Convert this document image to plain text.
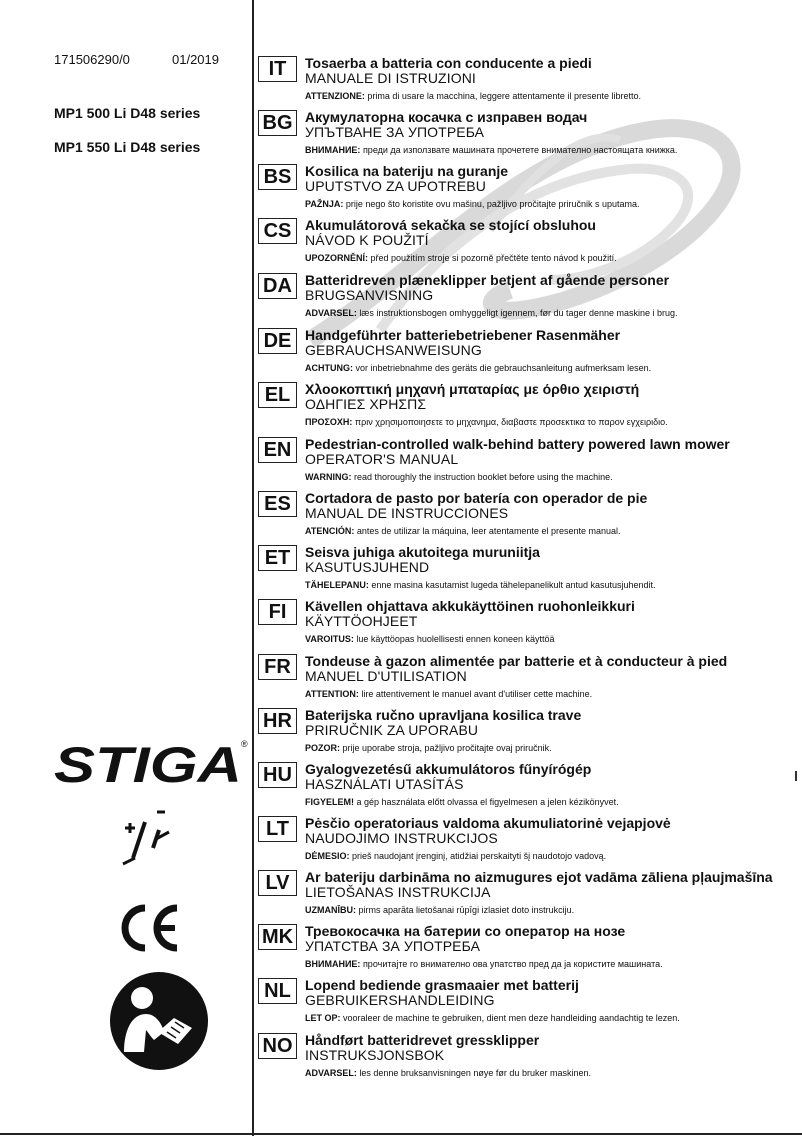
171506290/0	01/2019
MP1 500 Li D48 series
MP1 550 Li D48 series
STIGA ®
IT	Tosaerba a batteria con conducente a piedi
MANUALE DI ISTRUZIONI
ATTENZIONE: prima di usare la macchina, leggere attentamente il presente libretto.
BG Акумулаторна косачка с изправен водач
УПЪТВАНЕ ЗА УПОТРЕБА
ВНИМАНИЕ: преди да използвате машината прочетете внимателно настоящата книжка.
BS Kosilica na bateriju na guranje
UPUTSTVO ZA UPOTREBU
PAŽNJA: prije nego što koristite ovu mašinu, pažljivo pročitajte priručnik s uputama.
CS Akumulátorová sekačka se stojící obsluhou
NÁVOD K POUŽITÍ
UPOZORNĚNÍ: před použitím stroje si pozorně přečtěte tento návod k použití.
DA Batteridreven plæneklipper betjent af gående personer
BRUGSANVISNING
ADVARSEL: læs instruktionsbogen omhyggeligt igennem, før du tager denne maskine i brug.
DE Handgeführter batteriebetriebener Rasenmäher
GEBRAUCHSANWEISUNG
ACHTUNG: vor inbetriebnahme des geräts die gebrauchsanleitung aufmerksam lesen.
EL	Χλοοκοπτική μηχανή μπαταρίας με όρθιο χειριστή
ΟΔΗΓΙΕΣ ΧΡΗΣΠΣ
ΠΡΟΣΟΧΗ: πριν χρησιμοποιησετε το μηχανημα, διαβαστε προσεκτικα το παρον εγχειριδιο.
EN Pedestrian-controlled walk-behind battery powered lawn mower
OPERATOR'S MANUAL
WARNING: read thoroughly the instruction booklet before using the machine.
ES	Cortadora de pasto por batería con operador de pie
MANUAL DE INSTRUCCIONES
ATENCIÓN: antes de utilizar la máquina, leer atentamente el presente manual.
ET	Seisva juhiga akutoitega muruniitja
KASUTUSJUHEND
TÄHELEPANU: enne masina kasutamist lugeda tähelepanelikult antud kasutusjuhendit.
FI	Kävellen ohjattava akkukäyttöinen ruohonleikkuri
KÄYTTÖOHJEET
VAROITUS: lue käyttöopas huolellisesti ennen koneen käyttöä
FR	Tondeuse à gazon alimentée par batterie et à conducteur à pied
MANUEL D'UTILISATION
ATTENTION: lire attentivement le manuel avant d'utiliser cette machine.
HR Baterijska ručno upravljana kosilica trave
PRIRUČNIK ZA UPORABU
POZOR: prije uporabe stroja, pažljivo pročitajte ovaj priručnik.
HU Gyalogvezetésű akkumulátoros fűnyírógép
HASZNÁLATI UTASÍTÁS
FIGYELEM! a gép használata előtt olvassa el figyelmesen a jelen kézikönyvet.
LT	Pėsčio operatoriaus valdoma akumuliatorinė vejapjovė
NAUDOJIMO INSTRUKCIJOS
DĖMESIO: prieš naudojant įrenginį, atidžiai perskaityti šį naudotojo vadovą.
LV	Ar bateriju darbināma no aizmugures ejot vadāma zāliena pļaujmašīna
LIETOŠANAS INSTRUKCIJA
UZMANĪBU: pirms aparāta lietošanai rūpīgi izlasiet doto instrukciju.
MK Тревокосачка на батерии со оператор на нозе
УПАТСТВА ЗА УПОТРЕБА
ВНИМАНИЕ: прочитајте го внимателно ова упатство пред да ја користите машината.
NL	Lopend bediende grasmaaier met batterij
GEBRUIKERSHANDLEIDING
LET OP: vooraleer de machine te gebruiken, dient men deze handleiding aandachtig te lezen.
NO Håndført batteridrevet gressklipper
INSTRUKSJONSBOK
ADVARSEL: les denne bruksanvisningen nøye før du bruker maskinen.
